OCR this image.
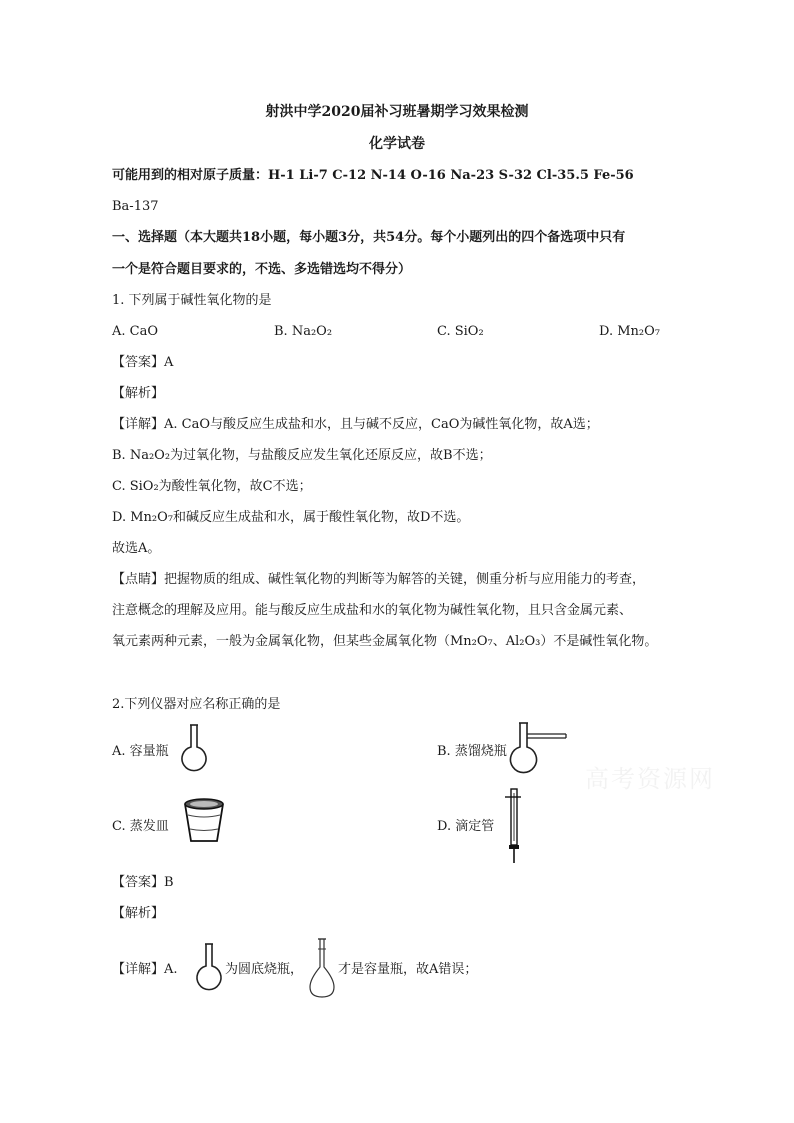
射洪中学2020届补习班暑期学习效果检测
化学试卷
可能用到的相对原子质量：H-1 Li-7 C-12 N-14 O-16 Na-23 S-32 Cl-35.5 Fe-56
Ba-137
一、选择题（本大题共18小题，每小题3分，共54分。每个小题列出的四个备选项中只有
一个是符合题目要求的，不选、多选错选均不得分）
1. 下列属于碱性氧化物的是
A. CaO	B. Na₂O₂	C. SiO₂	D. Mn₂O₇
【答案】A
【解析】
【详解】A. CaO与酸反应生成盐和水，且与碱不反应，CaO为碱性氧化物，故A选；
B. Na₂O₂为过氧化物，与盐酸反应发生氧化还原反应，故B不选；
C. SiO₂为酸性氧化物，故C不选；
D. Mn₂O₇和碱反应生成盐和水，属于酸性氧化物，故D不选。
故选A。
【点睛】把握物质的组成、碱性氧化物的判断等为解答的关键，侧重分析与应用能力的考查，
注意概念的理解及应用。能与酸反应生成盐和水的氧化物为碱性氧化物，且只含金属元素、
氧元素两种元素，一般为金属氧化物，但某些金属氧化物（Mn₂O₇、Al₂O₃）不是碱性氧化物。
2.下列仪器对应名称正确的是
A. 容量瓶	B. 蒸馏烧瓶
C. 蒸发皿	D. 滴定管
【答案】B
【解析】
【详解】A.	为圆底烧瓶，	才是容量瓶，故A错误；
高考资源网
